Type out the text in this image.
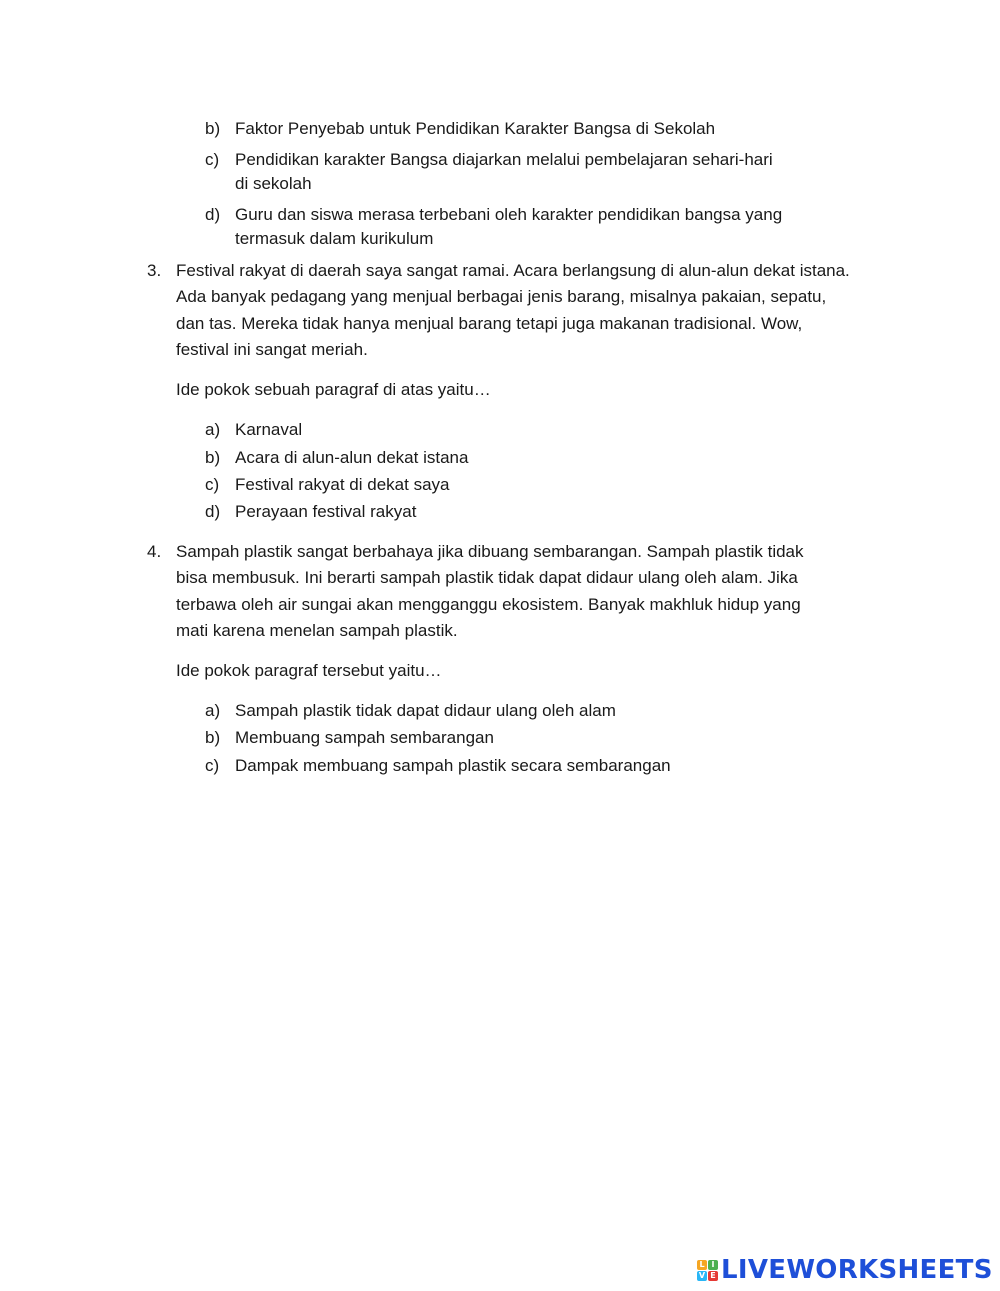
b) Faktor Penyebab untuk Pendidikan Karakter Bangsa di Sekolah
c) Pendidikan karakter Bangsa diajarkan melalui pembelajaran sehari-hari
di sekolah
d) Guru dan siswa merasa terbebani oleh karakter pendidikan bangsa yang
termasuk dalam kurikulum
3. Festival rakyat di daerah saya sangat ramai. Acara berlangsung di alun-alun dekat istana.
Ada banyak pedagang yang menjual berbagai jenis barang, misalnya pakaian, sepatu,
dan tas. Mereka tidak hanya menjual barang tetapi juga makanan tradisional. Wow,
festival ini sangat meriah.
Ide pokok sebuah paragraf di atas yaitu…
a) Karnaval
b) Acara di alun-alun dekat istana
c) Festival rakyat di dekat saya
d) Perayaan festival rakyat
4. Sampah plastik sangat berbahaya jika dibuang sembarangan. Sampah plastik tidak
bisa membusuk. Ini berarti sampah plastik tidak dapat didaur ulang oleh alam. Jika
terbawa oleh air sungai akan mengganggu ekosistem. Banyak makhluk hidup yang
mati karena menelan sampah plastik.
Ide pokok paragraf tersebut yaitu…
a) Sampah plastik tidak dapat didaur ulang oleh alam
b) Membuang sampah sembarangan
c) Dampak membuang sampah plastik secara sembarangan
L I
V E LIVEWORKSHEETS
